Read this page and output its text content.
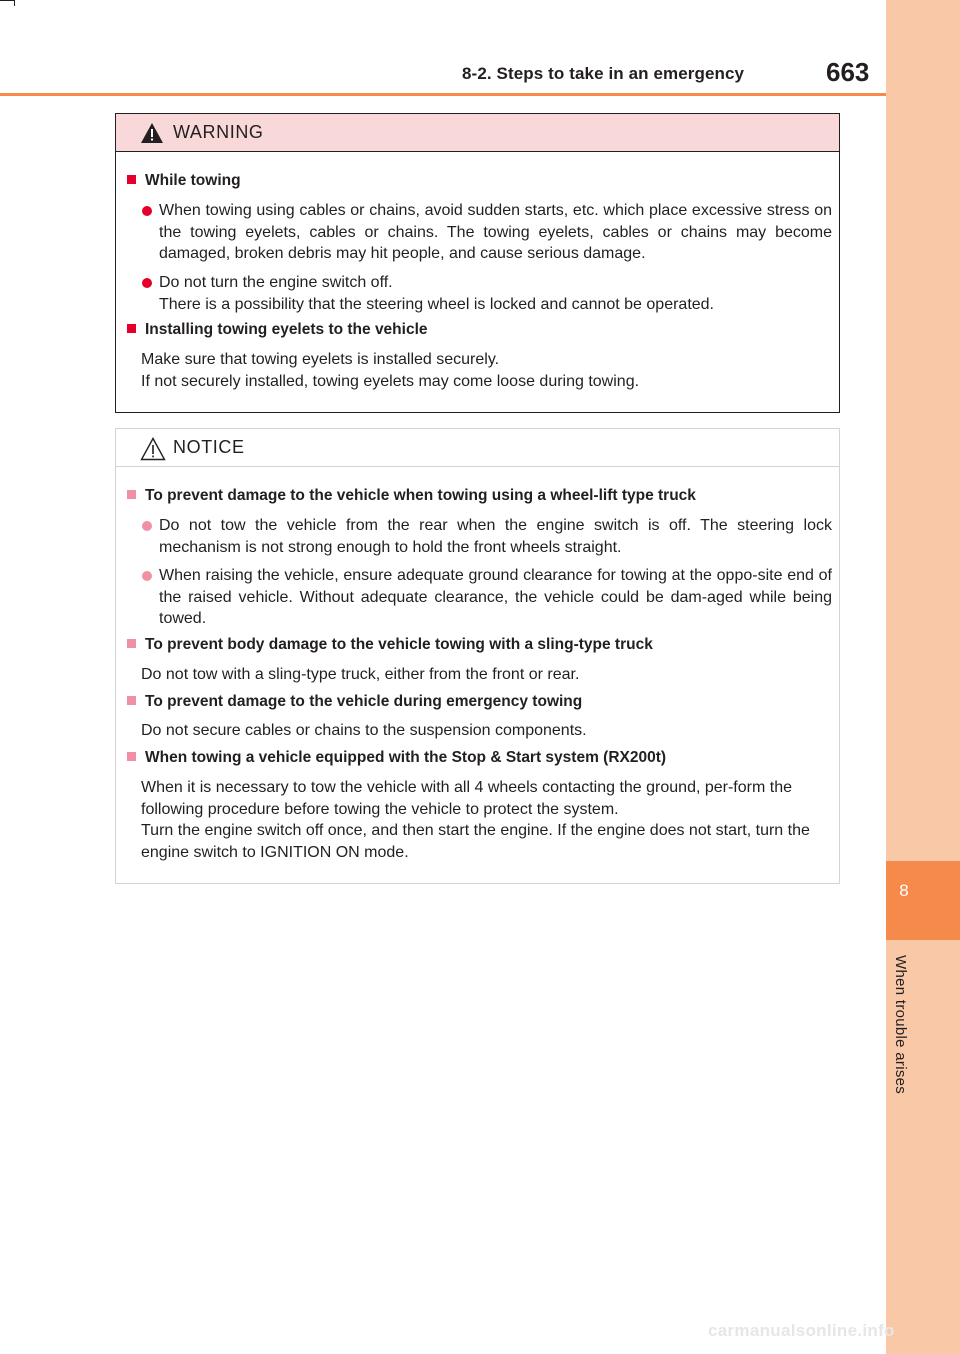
8-2. Steps to take in an emergency	663
8
When trouble arises
WARNING
While towing
When towing using cables or chains, avoid sudden starts, etc. which place excessive stress on the towing eyelets, cables or chains. The towing eyelets, cables or chains may become damaged, broken debris may hit people, and cause serious damage.
Do not turn the engine switch off.
There is a possibility that the steering wheel is locked and cannot be operated.
Installing towing eyelets to the vehicle
Make sure that towing eyelets is installed securely.
If not securely installed, towing eyelets may come loose during towing.
NOTICE
To prevent damage to the vehicle when towing using a wheel-lift type truck
Do not tow the vehicle from the rear when the engine switch is off. The steering lock mechanism is not strong enough to hold the front wheels straight.
When raising the vehicle, ensure adequate ground clearance for towing at the oppo-site end of the raised vehicle. Without adequate clearance, the vehicle could be dam-aged while being towed.
To prevent body damage to the vehicle towing with a sling-type truck
Do not tow with a sling-type truck, either from the front or rear.
To prevent damage to the vehicle during emergency towing
Do not secure cables or chains to the suspension components.
When towing a vehicle equipped with the Stop & Start system (RX200t)
When it is necessary to tow the vehicle with all 4 wheels contacting the ground, per-form the following procedure before towing the vehicle to protect the system.
Turn the engine switch off once, and then start the engine. If the engine does not start, turn the engine switch to IGNITION ON mode.
carmanualsonline.info
